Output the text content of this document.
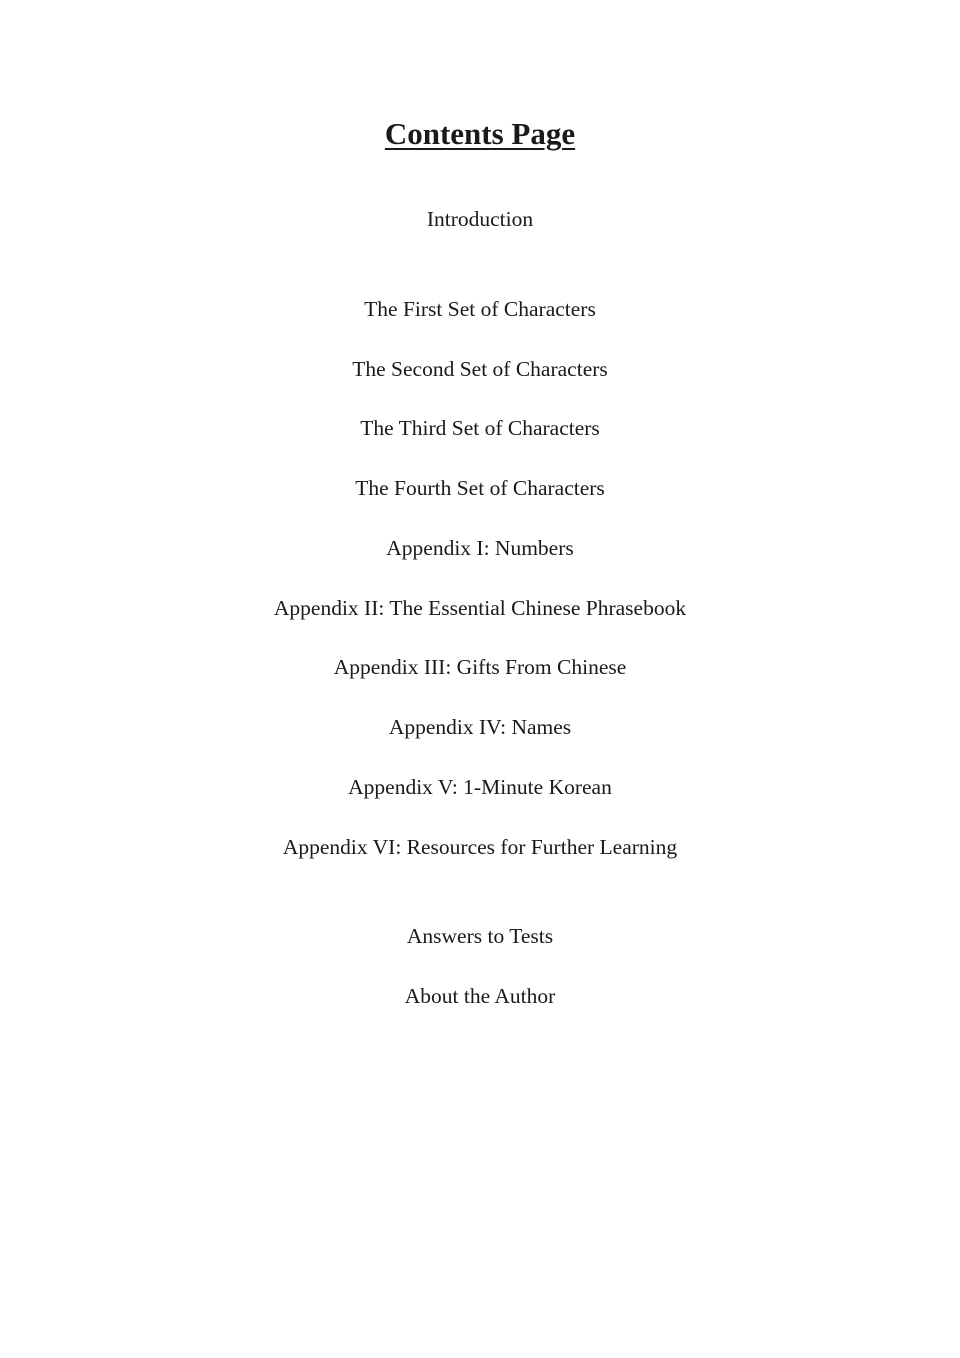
Contents Page

Introduction

The First Set of Characters

The Second Set of Characters

The Third Set of Characters

The Fourth Set of Characters

Appendix I: Numbers

Appendix II: The Essential Chinese Phrasebook

Appendix III: Gifts From Chinese

Appendix IV: Names

Appendix V: 1-Minute Korean

Appendix VI: Resources for Further Learning

Answers to Tests

About the Author
